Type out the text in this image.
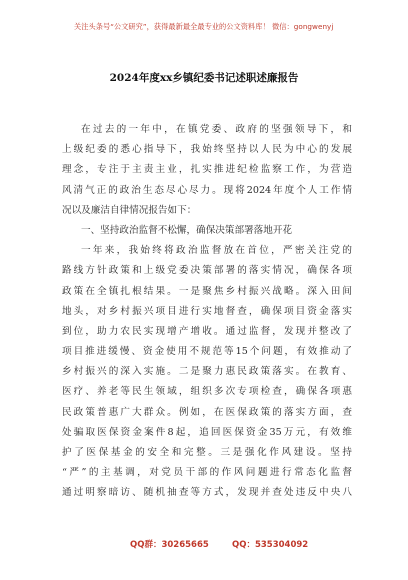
关注头条号“公文研究”，获得最新最全最专业的公文资料库！ 微信：gongwenyj
2024年度xx乡镇纪委书记述职述廉报告
在过去的一年中，在镇党委、政府的坚强领导下，和
上级纪委的悉心指导下，我始终坚持以人民为中心的发展
理念，专注于主责主业，扎实推进纪检监察工作，为营造
风清气正的政治生态尽心尽力。现将2024年度个人工作情
况以及廉洁自律情况报告如下：
一、坚持政治监督不松懈，确保决策部署落地开花
一年来，我始终将政治监督放在首位，严密关注党的
路线方针政策和上级党委决策部署的落实情况，确保各项
政策在全镇扎根结果。一是聚焦乡村振兴战略。深入田间
地头，对乡村振兴项目进行实地督查，确保项目资金落实
到位，助力农民实现增产增收。通过监督，发现并整改了
项目推进缓慢、资金使用不规范等15个问题，有效推动了
乡村振兴的深入实施。二是聚力惠民政策落实。在教育、
医疗、养老等民生领域，组织多次专项检查，确保各项惠
民政策普惠广大群众。例如，在医保政策的落实方面，查
处骗取医保资金案件8起，追回医保资金35万元，有效维
护了医保基金的安全和完整。三是强化作风建设。坚持
“严”的主基调，对党员干部的作风问题进行常态化监督
通过明察暗访、随机抽查等方式，发现并查处违反中央八
QQ群：30265665	QQ：535304092
